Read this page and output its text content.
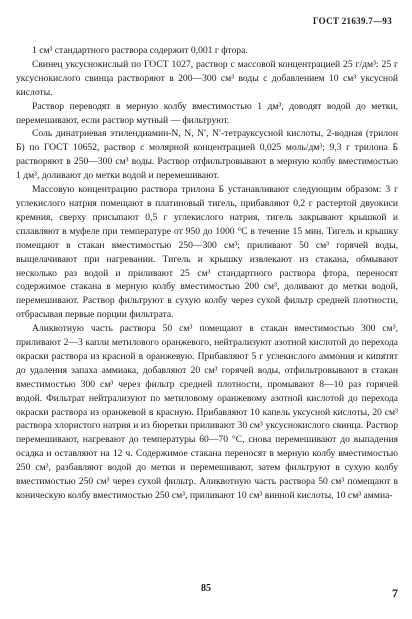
ГОСТ 21639.7—93

1 см³ стандартного раствора содержит 0,001 г фтора.

Свинец уксуснокислый по ГОСТ 1027, раствор с массовой концентрацией 25 г/дм³: 25 г уксуснокислого свинца растворяют в 200—300 см³ воды с добавлением 10 см³ уксусной кислоты.

Раствор переводят в мерную колбу вместимостью 1 дм³, доводят водой до метки, перемешивают, если раствор мутный — фильтруют.

Соль динатриевая этилендиамин-N, N, N′, N′-тетрауксусной кислоты, 2-водная (трилон Б) по ГОСТ 10652, раствор с молярной концентрацией 0,025 моль/дм³; 9,3 г трилона Б растворяют в 250—300 см³ воды. Раствор отфильтровывают в мерную колбу вместимостью 1 дм³, доливают до метки водой и перемешивают.

Массовую концентрацию раствора трилона Б устанавливают следующим образом: 3 г углекислого натрия помещают в платиновый тигель, прибавляют 0,2 г растертой двуокиси кремния, сверху присыпают 0,5 г углекислого натрия, тигель закрывают крышкой и сплавляют в муфеле при температуре от 950 до 1000 °С в течение 15 мин. Тигель и крышку помещают в стакан вместимостью 250—300 см³; приливают 50 см³ горячей воды, выщелачивают при нагревании. Тигель и крышку извлекают из стакана, обмывают несколько раз водой и приливают 25 см³ стандартного раствора фтора, переносят содержимое стакана в мерную колбу вместимостью 200 см³, доливают до метки водой, перемешивают. Раствор фильтруют в сухую колбу через сухой фильтр средней плотности, отбрасывая первые порции фильтрата.

Аликвотную часть раствора 50 см³ помещают в стакан вместимостью 300 см³, приливают 2—3 капли метилового оранжевого, нейтрализуют азотной кислотой до перехода окраски раствора из красной в оранжевую. Прибавляют 5 г углекислого аммония и кипятят до удаления запаха аммиака, добавляют 20 см³ горячей воды, отфильтровывают в стакан вместимостью 300 см³ через фильтр средней плотности, промывают 8—10 раз горячей водой. Фильтрат нейтрализуют по метиловому оранжевому азотной кислотой до перехода окраски раствора из оранжевой в красную. Прибавляют 10 капель уксусной кислоты, 20 см³ раствора хлористого натрия и из бюретки приливают 30 см³ уксуснокислого свинца. Раствор перемешивают, нагревают до температуры 60—70 °С, снова перемешивают до выпадения осадка и оставляют на 12 ч. Содержимое стакана переносят в мерную колбу вместимостью 250 см³, разбавляют водой до метки и перемешивают, затем фильтруют в сухую колбу вместимостью 250 см³ через сухой фильтр. Аликвотную часть раствора 50 см³ помещают в коническую колбу вместимостью 250 см³, приливают 10 см³ винной кислоты, 10 см³ аммиа-

85	7
